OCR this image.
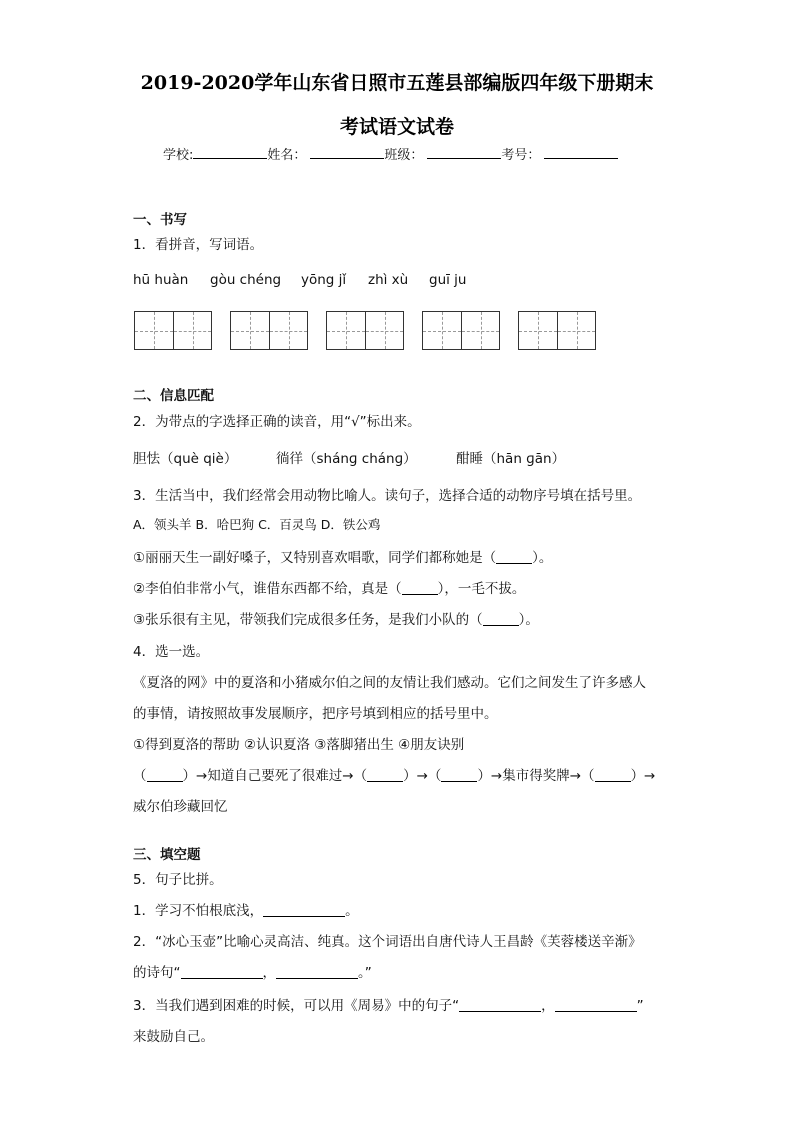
2019-2020学年山东省日照市五莲县部编版四年级下册期末
考试语文试卷
学校:	姓名：	班级：	考号：
一、书写
1．看拼音，写词语。
hū huàn gòu chéng yōng jǐ zhì xù guī ju
二、信息匹配
2．为带点的字选择正确的读音，用“√”标出来。
胆怯（què qiè）	徜徉（shánɡ chánɡ）	酣睡（hān ɡān）
3．生活当中，我们经常会用动物比喻人。读句子，选择合适的动物序号填在括号里。
A．领头羊 B．哈巴狗 C．百灵鸟 D．铁公鸡
①丽丽天生一副好嗓子，又特别喜欢唱歌，同学们都称她是（	）。
②李伯伯非常小气，谁借东西都不给，真是（	），一毛不拔。
③张乐很有主见，带领我们完成很多任务，是我们小队的（	）。
4．选一选。
《夏洛的网》中的夏洛和小猪威尔伯之间的友情让我们感动。它们之间发生了许多感人
的事情，请按照故事发展顺序，把序号填到相应的括号里中。
①得到夏洛的帮助 ②认识夏洛 ③落脚猪出生 ④朋友诀别
（	）→知道自己要死了很难过→（	）→（	）→集市得奖牌→（	）→
威尔伯珍藏回忆
三、填空题
5．句子比拼。
1．学习不怕根底浅，	。
2．“冰心玉壶”比喻心灵高洁、纯真。这个词语出自唐代诗人王昌龄《芙蓉楼送辛渐》
的诗句“	，	。”
3．当我们遇到困难的时候，可以用《周易》中的句子“	，	”
来鼓励自己。
